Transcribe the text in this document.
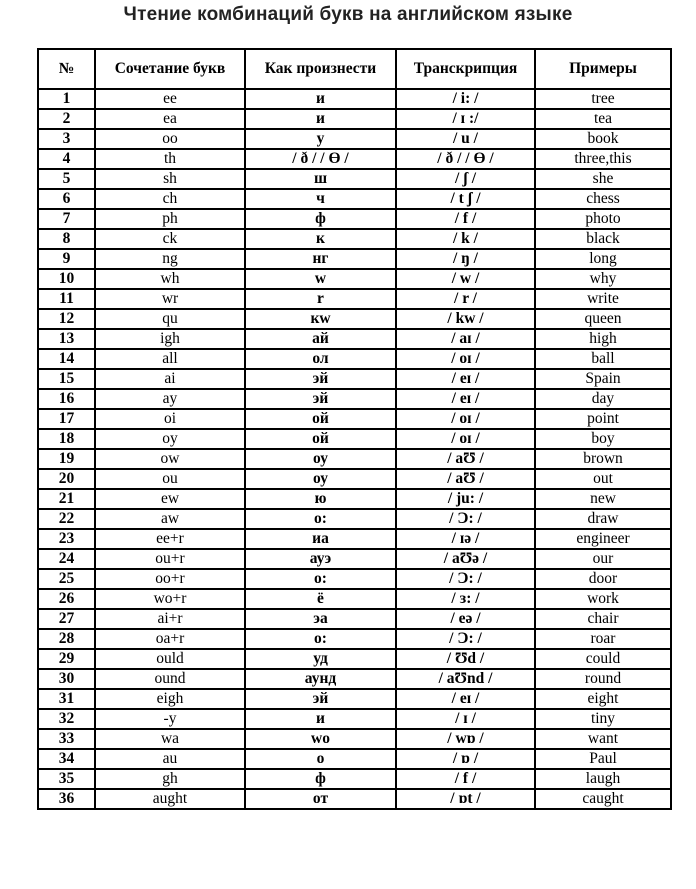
Чтение комбинаций букв на английском языке
№	Сочетание букв	Как произнести	Транскрипция	Примеры
1	ee	и	/ i: /	tree
2	ea	и	/ ɪ :/	tea
3	oo	у	/ u /	book
4	th	/ ð / / ϴ /	/ ð / / ϴ /	three,this
5	sh	ш	/ ʃ /	she
6	ch	ч	/ t ʃ /	chess
7	ph	ф	/ f /	photo
8	ck	к	/ k /	black
9	ng	нг	/ ŋ /	long
10	wh	w	/ w /	why
11	wr	r	/ r /	write
12	qu	кw	/ kw /	queen
13	igh	ай	/ aɪ /	high
14	all	ол	/ oɪ /	ball
15	ai	эй	/ eɪ /	Spain
16	ay	эй	/ eɪ /	day
17	oi	ой	/ oɪ /	point
18	oy	ой	/ oɪ /	boy
19	ow	оу	/ aƱ /	brown
20	ou	оу	/ aƱ /	out
21	ew	ю	/ ju: /	new
22	aw	о:	/ Ͻ: /	draw
23	ee+r	иа	/ ɪə /	engineer
24	ou+r	ауэ	/ aƱə /	our
25	oo+r	о:	/ Ͻ: /	door
26	wo+r	ё	/ ɜ: /	work
27	ai+r	эа	/ eə /	chair
28	oa+r	о:	/ Ͻ: /	roar
29	ould	уд	/ Ʊd /	could
30	ound	аунд	/ aƱnd /	round
31	eigh	эй	/ eɪ /	eight
32	-y	и	/ ɪ /	tiny
33	wa	wo	/ wɒ /	want
34	au	о	/ ɒ /	Paul
35	gh	ф	/ f /	laugh
36	aught	от	/ ɒt /	caught
